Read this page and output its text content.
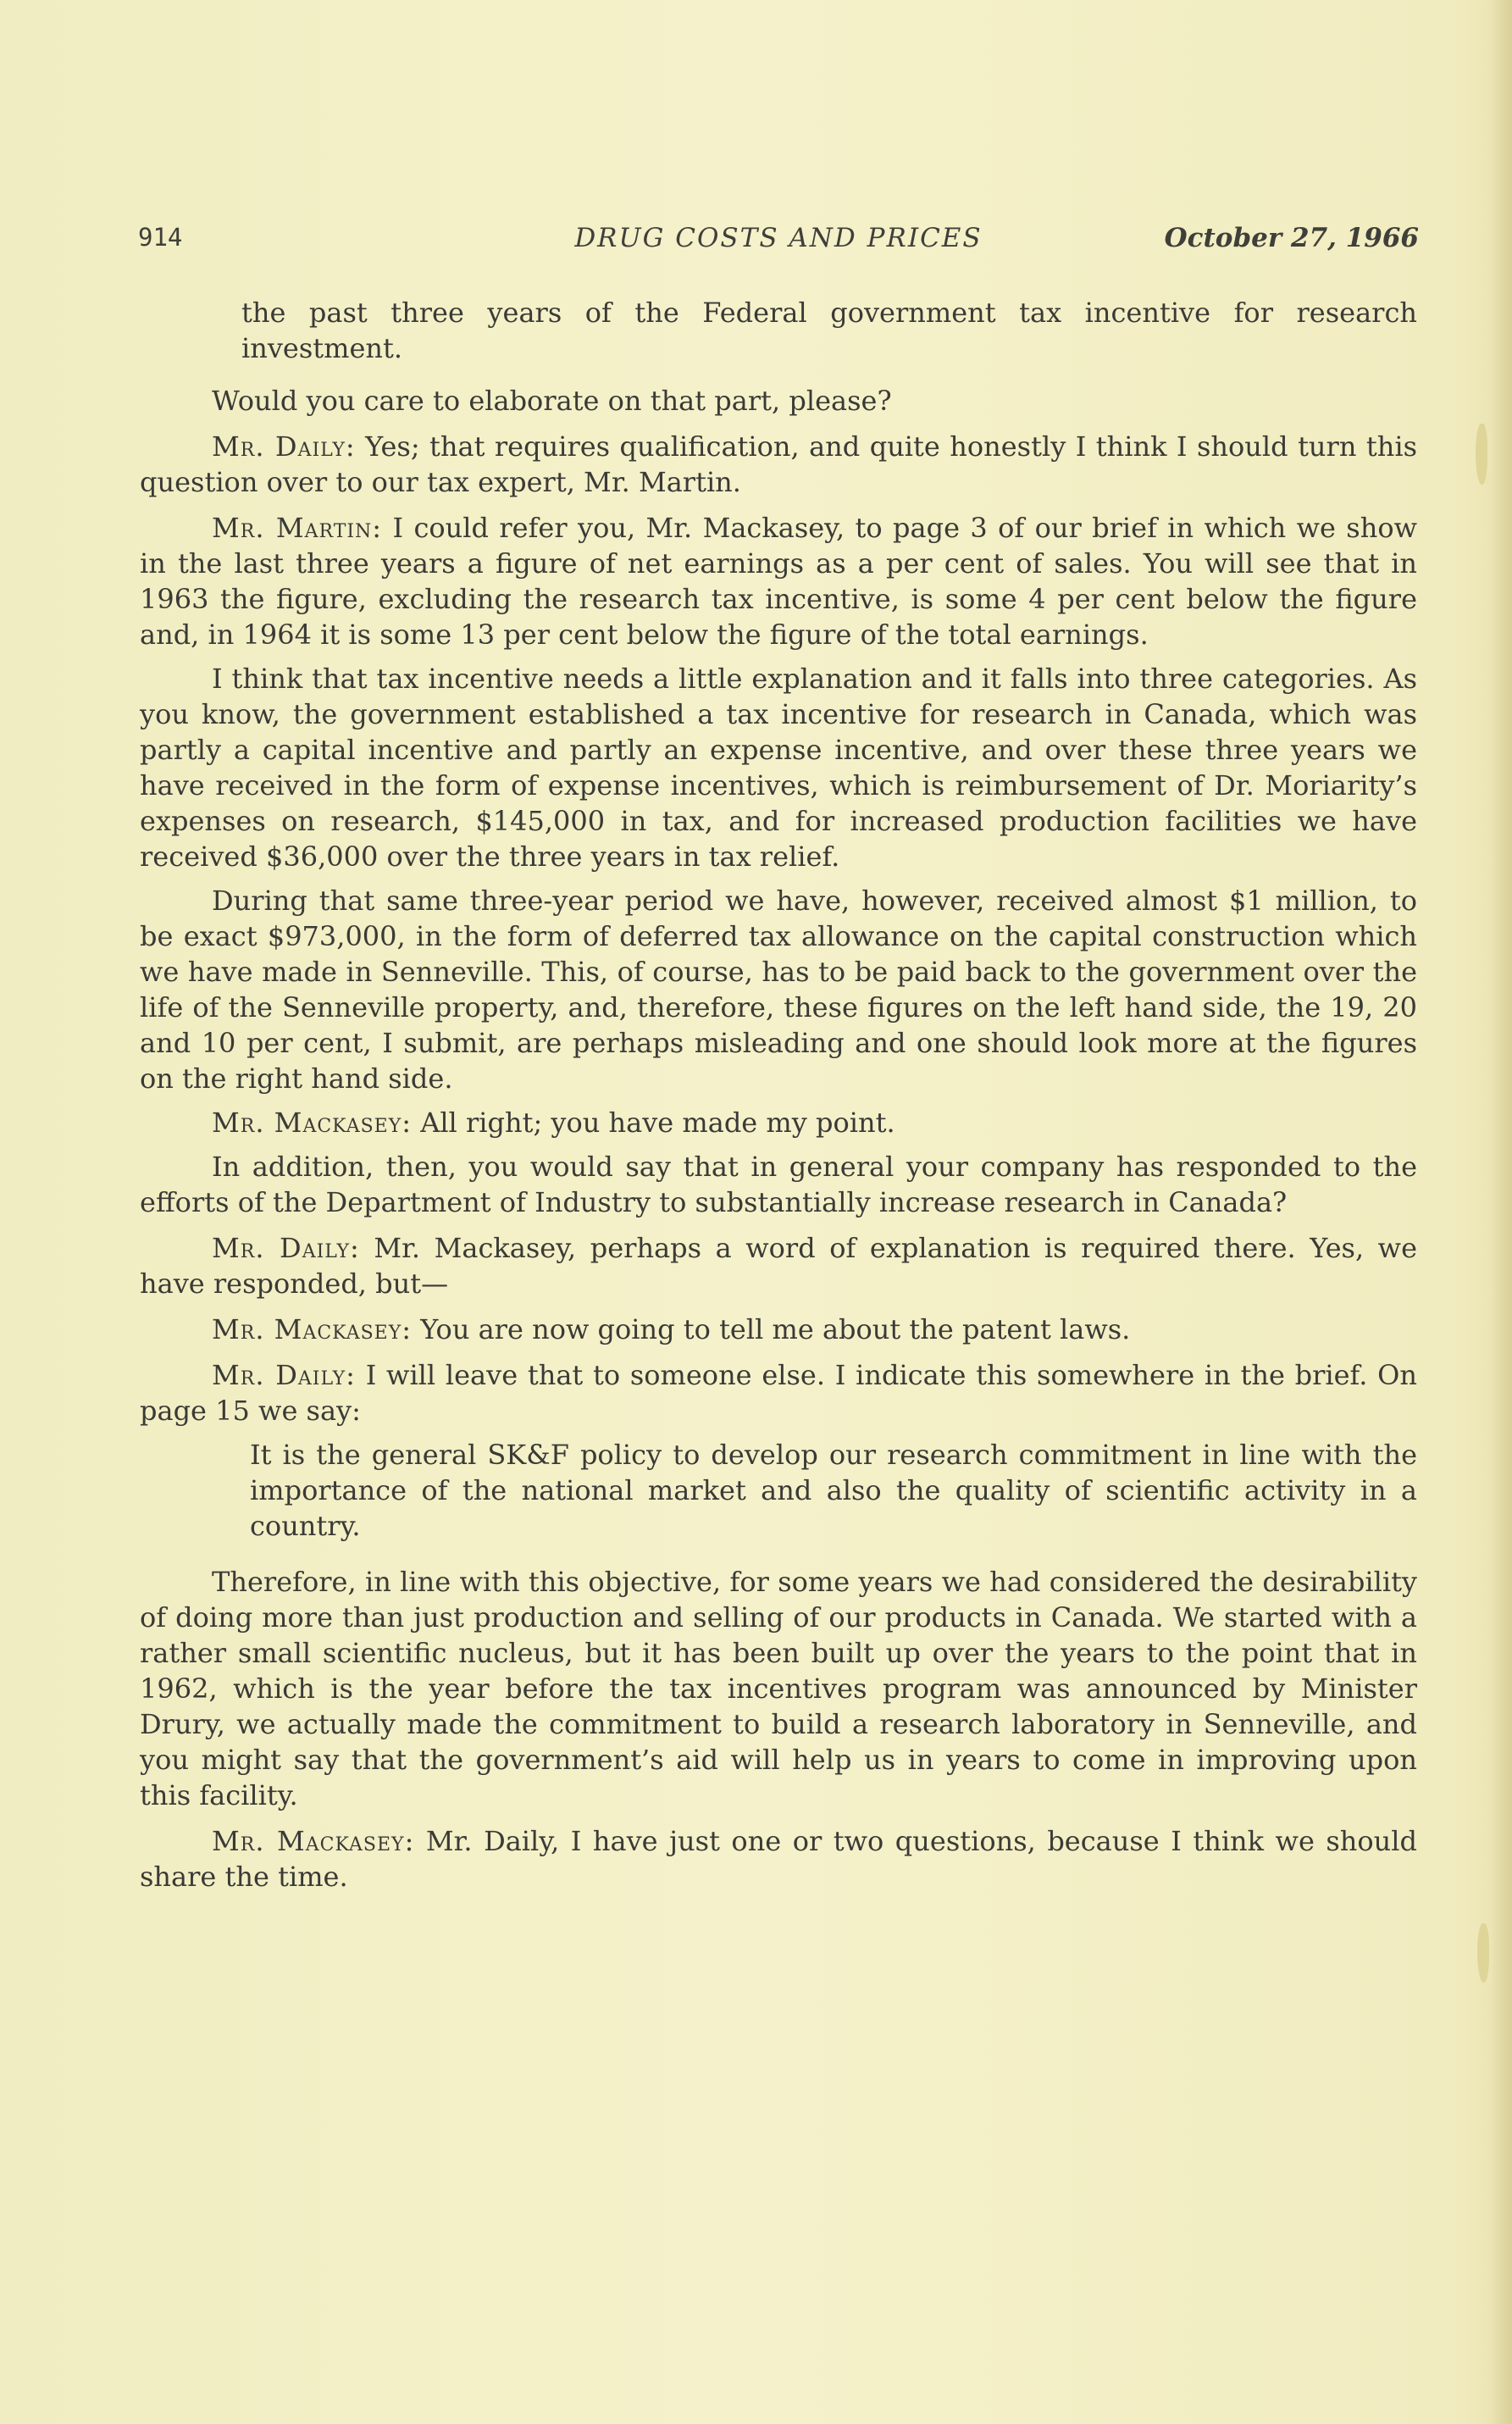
914	DRUG COSTS AND PRICES	October 27, 1966

the past three years of the Federal government tax incentive for research investment.

Would you care to elaborate on that part, please?

Mr. Daily: Yes; that requires qualification, and quite honestly I think I should turn this question over to our tax expert, Mr. Martin.

Mr. Martin: I could refer you, Mr. Mackasey, to page 3 of our brief in which we show in the last three years a figure of net earnings as a per cent of sales. You will see that in 1963 the figure, excluding the research tax incentive, is some 4 per cent below the figure and, in 1964 it is some 13 per cent below the figure of the total earnings.

I think that tax incentive needs a little explanation and it falls into three categories. As you know, the government established a tax incentive for research in Canada, which was partly a capital incentive and partly an expense incentive, and over these three years we have received in the form of expense incentives, which is reimbursement of Dr. Moriarity’s expenses on research, $145,000 in tax, and for increased production facilities we have received $36,000 over the three years in tax relief.

During that same three-year period we have, however, received almost $1 million, to be exact $973,000, in the form of deferred tax allowance on the capital construction which we have made in Senneville. This, of course, has to be paid back to the government over the life of the Senneville property, and, therefore, these figures on the left hand side, the 19, 20 and 10 per cent, I submit, are perhaps misleading and one should look more at the figures on the right hand side.

Mr. Mackasey: All right; you have made my point.

In addition, then, you would say that in general your company has responded to the efforts of the Department of Industry to substantially increase research in Canada?

Mr. Daily: Mr. Mackasey, perhaps a word of explanation is required there. Yes, we have responded, but—

Mr. Mackasey: You are now going to tell me about the patent laws.

Mr. Daily: I will leave that to someone else. I indicate this somewhere in the brief. On page 15 we say:

It is the general SK&F policy to develop our research commitment in line with the importance of the national market and also the quality of scientific activity in a country.

Therefore, in line with this objective, for some years we had considered the desirability of doing more than just production and selling of our products in Canada. We started with a rather small scientific nucleus, but it has been built up over the years to the point that in 1962, which is the year before the tax incentives program was announced by Minister Drury, we actually made the commitment to build a research laboratory in Senneville, and you might say that the government’s aid will help us in years to come in improving upon this facility.

Mr. Mackasey: Mr. Daily, I have just one or two questions, because I think we should share the time.
